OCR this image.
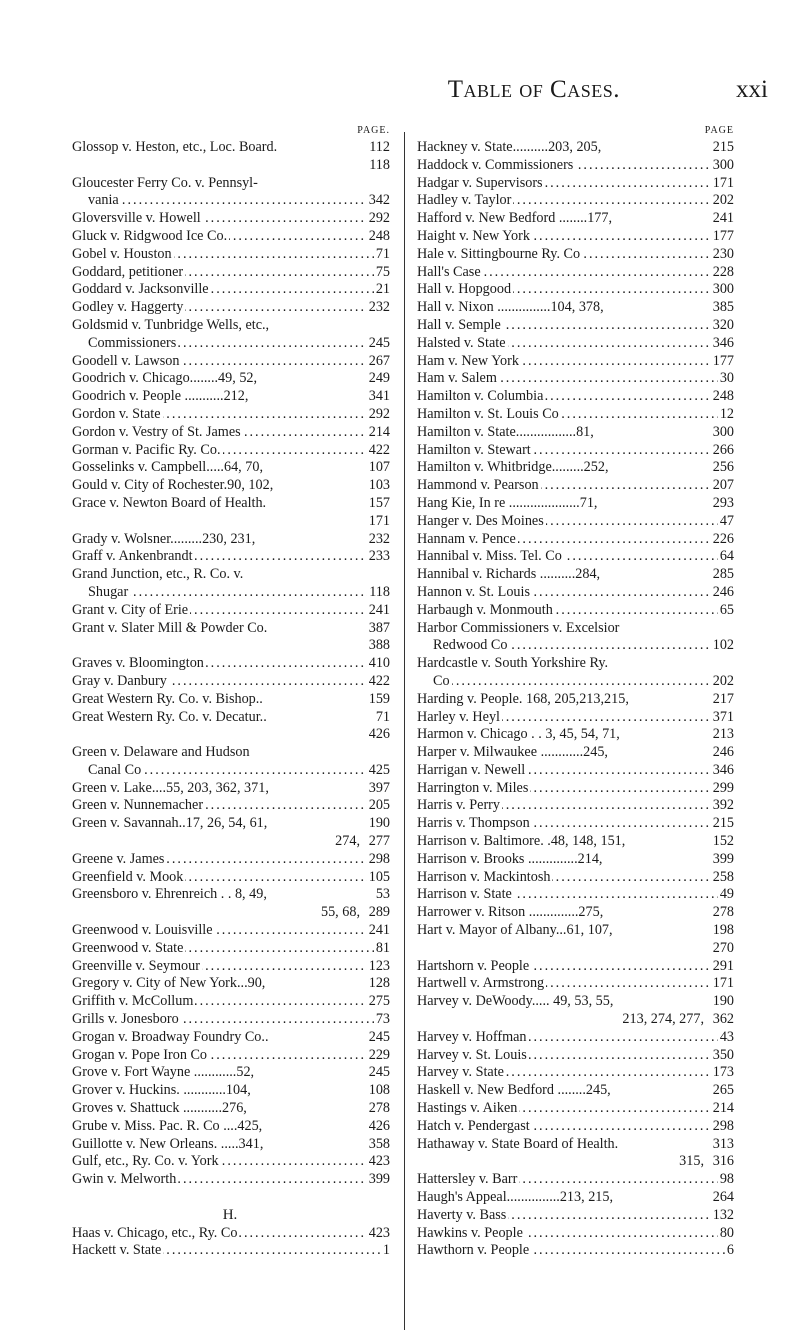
Table of Cases.	xxi
PAGE.
Glossop v. Heston, etc., Loc. Board.	112
118
Gloucester Ferry Co. v. Pennsyl-
..... vania	342
..... Gloversville v. Howell	292
..... Gluck v. Ridgwood Ice Co.	248
..... Gobel v. Houston	71
..... Goddard, petitioner	75
..... Goddard v. Jacksonville	21
..... Godley v. Haggerty	232
Goldsmid v. Tunbridge Wells, etc.,
..... Commissioners	245
..... Goodell v. Lawson	267
Goodrich v. Chicago........49, 52,	249
Goodrich v. People ...........212,	341
..... Gordon v. State	292
..... Gordon v. Vestry of St. James	214
..... Gorman v. Pacific Ry. Co.	422
Gosselinks v. Campbell.....64, 70,	107
Gould v. City of Rochester.90, 102,	103
Grace v. Newton Board of Health.	157
171
Grady v. Wolsner.........230, 231,	232
..... Graff v. Ankenbrandt	233
Grand Junction, etc., R. Co. v.
..... Shugar	118
..... Grant v. City of Erie	241
Grant v. Slater Mill & Powder Co.	387
388
..... Graves v. Bloomington	410
..... Gray v. Danbury	422
Great Western Ry. Co. v. Bishop..	159
Great Western Ry. Co. v. Decatur..	71
426
Green v. Delaware and Hudson
..... Canal Co	425
Green v. Lake....55, 203, 362, 371,	397
..... Green v. Nunnemacher	205
Green v. Savannah..17, 26, 54, 61,	190
274, 277
..... Greene v. James	298
..... Greenfield v. Mook	105
Greensboro v. Ehrenreich . . 8, 49,	53
55, 68, 289
..... Greenwood v. Louisville	241
..... Greenwood v. State	81
..... Greenville v. Seymour	123
Gregory v. City of New York...90,	128
..... Griffith v. McCollum	275
..... Grills v. Jonesboro	73
Grogan v. Broadway Foundry Co..	245
..... Grogan v. Pope Iron Co	229
Grove v. Fort Wayne ............52,	245
Grover v. Huckins. ............104,	108
Groves v. Shattuck ...........276,	278
Grube v. Miss. Pac. R. Co ....425,	426
Guillotte v. New Orleans. .....341,	358
..... Gulf, etc., Ry. Co. v. York	423
..... Gwin v. Melworth	399
H.
..... Haas v. Chicago, etc., Ry. Co	423
..... Hackett v. State	1
PAGE
Hackney v. State..........203, 205,	215
..... Haddock v. Commissioners	300
..... Hadgar v. Supervisors	171
..... Hadley v. Taylor	202
Hafford v. New Bedford ........177,	241
..... Haight v. New York	177
..... Hale v. Sittingbourne Ry. Co	230
..... Hall's Case	228
..... Hall v. Hopgood	300
Hall v. Nixon ...............104, 378,	385
..... Hall v. Semple	320
..... Halsted v. State	346
..... Ham v. New York	177
..... Ham v. Salem	30
..... Hamilton v. Columbia	248
..... Hamilton v. St. Louis Co	12
Hamilton v. State.................81,	300
..... Hamilton v. Stewart	266
Hamilton v. Whitbridge.........252,	256
..... Hammond v. Pearson	207
Hang Kie, In re ....................71,	293
..... Hanger v. Des Moines	47
..... Hannam v. Pence	226
..... Hannibal v. Miss. Tel. Co	64
Hannibal v. Richards ..........284,	285
..... Hannon v. St. Louis	246
..... Harbaugh v. Monmouth	65
Harbor Commissioners v. Excelsior
..... Redwood Co	102
Hardcastle v. South Yorkshire Ry.
..... Co	202
Harding v. People. 168, 205,213,215,	217
..... Harley v. Heyl	371
Harmon v. Chicago . . 3, 45, 54, 71,	213
Harper v. Milwaukee ............245,	246
..... Harrigan v. Newell	346
..... Harrington v. Miles	299
..... Harris v. Perry	392
..... Harris v. Thompson	215
Harrison v. Baltimore. .48, 148, 151,	152
Harrison v. Brooks ..............214,	399
..... Harrison v. Mackintosh	258
..... Harrison v. State	49
Harrower v. Ritson ..............275,	278
Hart v. Mayor of Albany...61, 107,	198
270
..... Hartshorn v. People	291
..... Hartwell v. Armstrong	171
Harvey v. DeWoody..... 49, 53, 55,	190
213, 274, 277, 362
..... Harvey v. Hoffman	43
..... Harvey v. St. Louis	350
..... Harvey v. State	173
Haskell v. New Bedford ........245,	265
..... Hastings v. Aiken	214
..... Hatch v. Pendergast	298
Hathaway v. State Board of Health.	313
315, 316
..... Hattersley v. Barr	98
Haugh's Appeal...............213, 215,	264
..... Haverty v. Bass	132
..... Hawkins v. People	80
..... Hawthorn v. People	6
